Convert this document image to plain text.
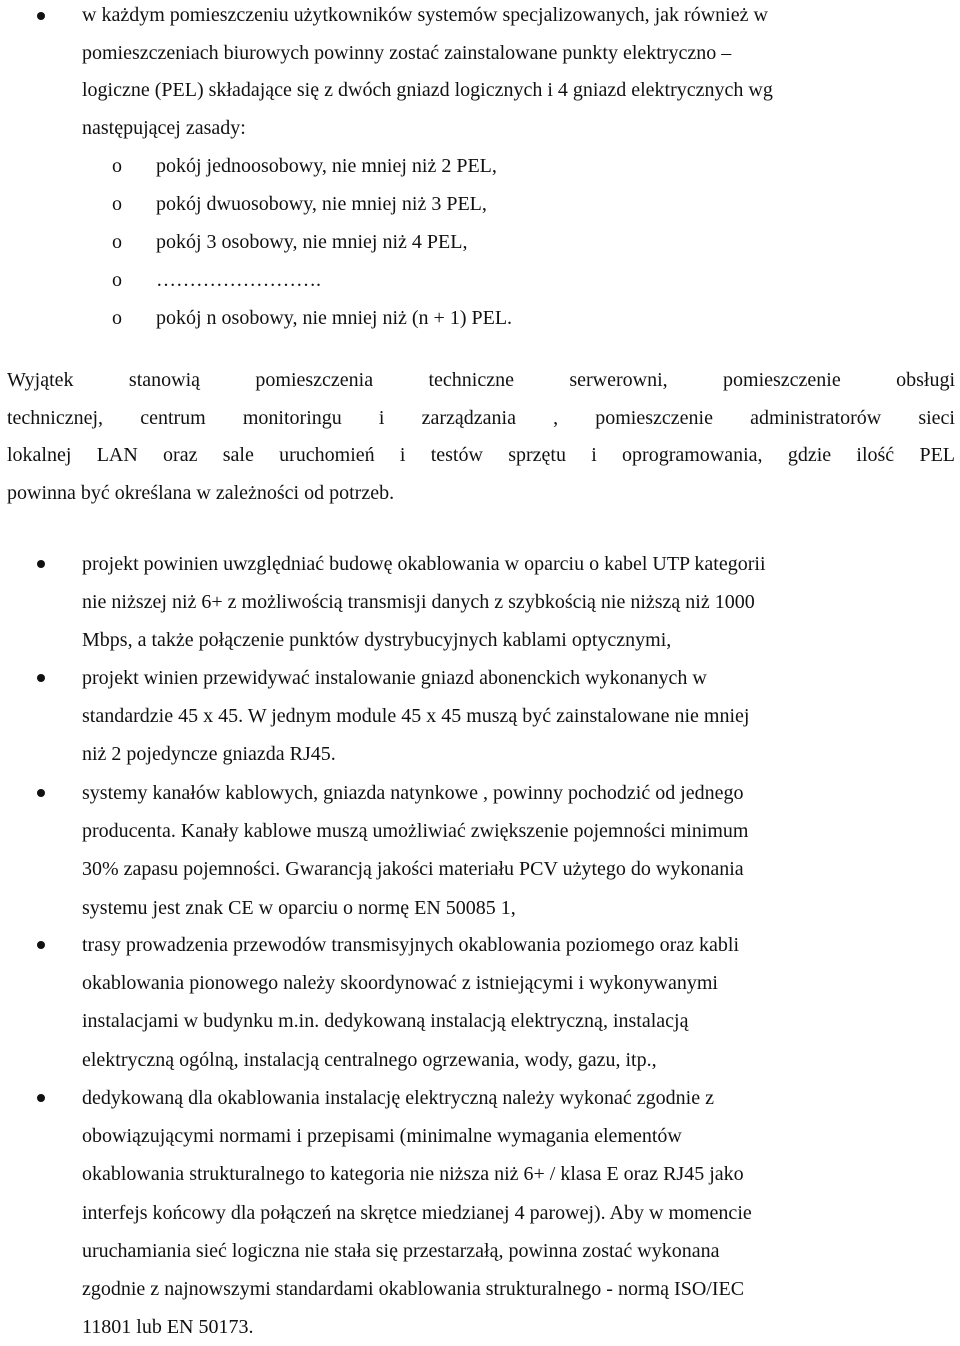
w każdym pomieszczeniu użytkowników systemów specjalizowanych, jak również w
pomieszczeniach biurowych powinny zostać zainstalowane punkty elektryczno –
logiczne (PEL) składające się z dwóch gniazd logicznych i 4 gniazd elektrycznych wg
następującej zasady:
o pokój jednoosobowy, nie mniej niż 2 PEL,
o pokój dwuosobowy, nie mniej niż 3 PEL,
o pokój 3 osobowy, nie mniej niż 4 PEL,
o …………………….
o pokój n osobowy, nie mniej niż (n + 1) PEL.
Wyjątek stanowią pomieszczenia techniczne serwerowni, pomieszczenie obsługi
technicznej, centrum monitoringu i zarządzania , pomieszczenie administratorów sieci
lokalnej LAN oraz sale uruchomień i testów sprzętu i oprogramowania, gdzie ilość PEL
powinna być określana w zależności od potrzeb.
projekt powinien uwzględniać budowę okablowania w oparciu o kabel UTP kategorii
nie niższej niż 6+ z możliwością transmisji danych z szybkością nie niższą niż 1000
Mbps, a także połączenie punktów dystrybucyjnych kablami optycznymi,
projekt winien przewidywać instalowanie gniazd abonenckich wykonanych w
standardzie 45 x 45. W jednym module 45 x 45 muszą być zainstalowane nie mniej
niż 2 pojedyncze gniazda RJ45.
systemy kanałów kablowych, gniazda natynkowe , powinny pochodzić od jednego
producenta. Kanały kablowe muszą umożliwiać zwiększenie pojemności minimum
30% zapasu pojemności. Gwarancją jakości materiału PCV użytego do wykonania
systemu jest znak CE w oparciu o normę EN 50085 1,
trasy prowadzenia przewodów transmisyjnych okablowania poziomego oraz kabli
okablowania pionowego należy skoordynować z istniejącymi i wykonywanymi
instalacjami w budynku m.in. dedykowaną instalacją elektryczną, instalacją
elektryczną ogólną, instalacją centralnego ogrzewania, wody, gazu, itp.,
dedykowaną dla okablowania instalację elektryczną należy wykonać zgodnie z
obowiązującymi normami i przepisami (minimalne wymagania elementów
okablowania strukturalnego to kategoria nie niższa niż 6+ / klasa E oraz RJ45 jako
interfejs końcowy dla połączeń na skrętce miedzianej 4 parowej). Aby w momencie
uruchamiania sieć logiczna nie stała się przestarzałą, powinna zostać wykonana
zgodnie z najnowszymi standardami okablowania strukturalnego - normą ISO/IEC
11801 lub EN 50173.
